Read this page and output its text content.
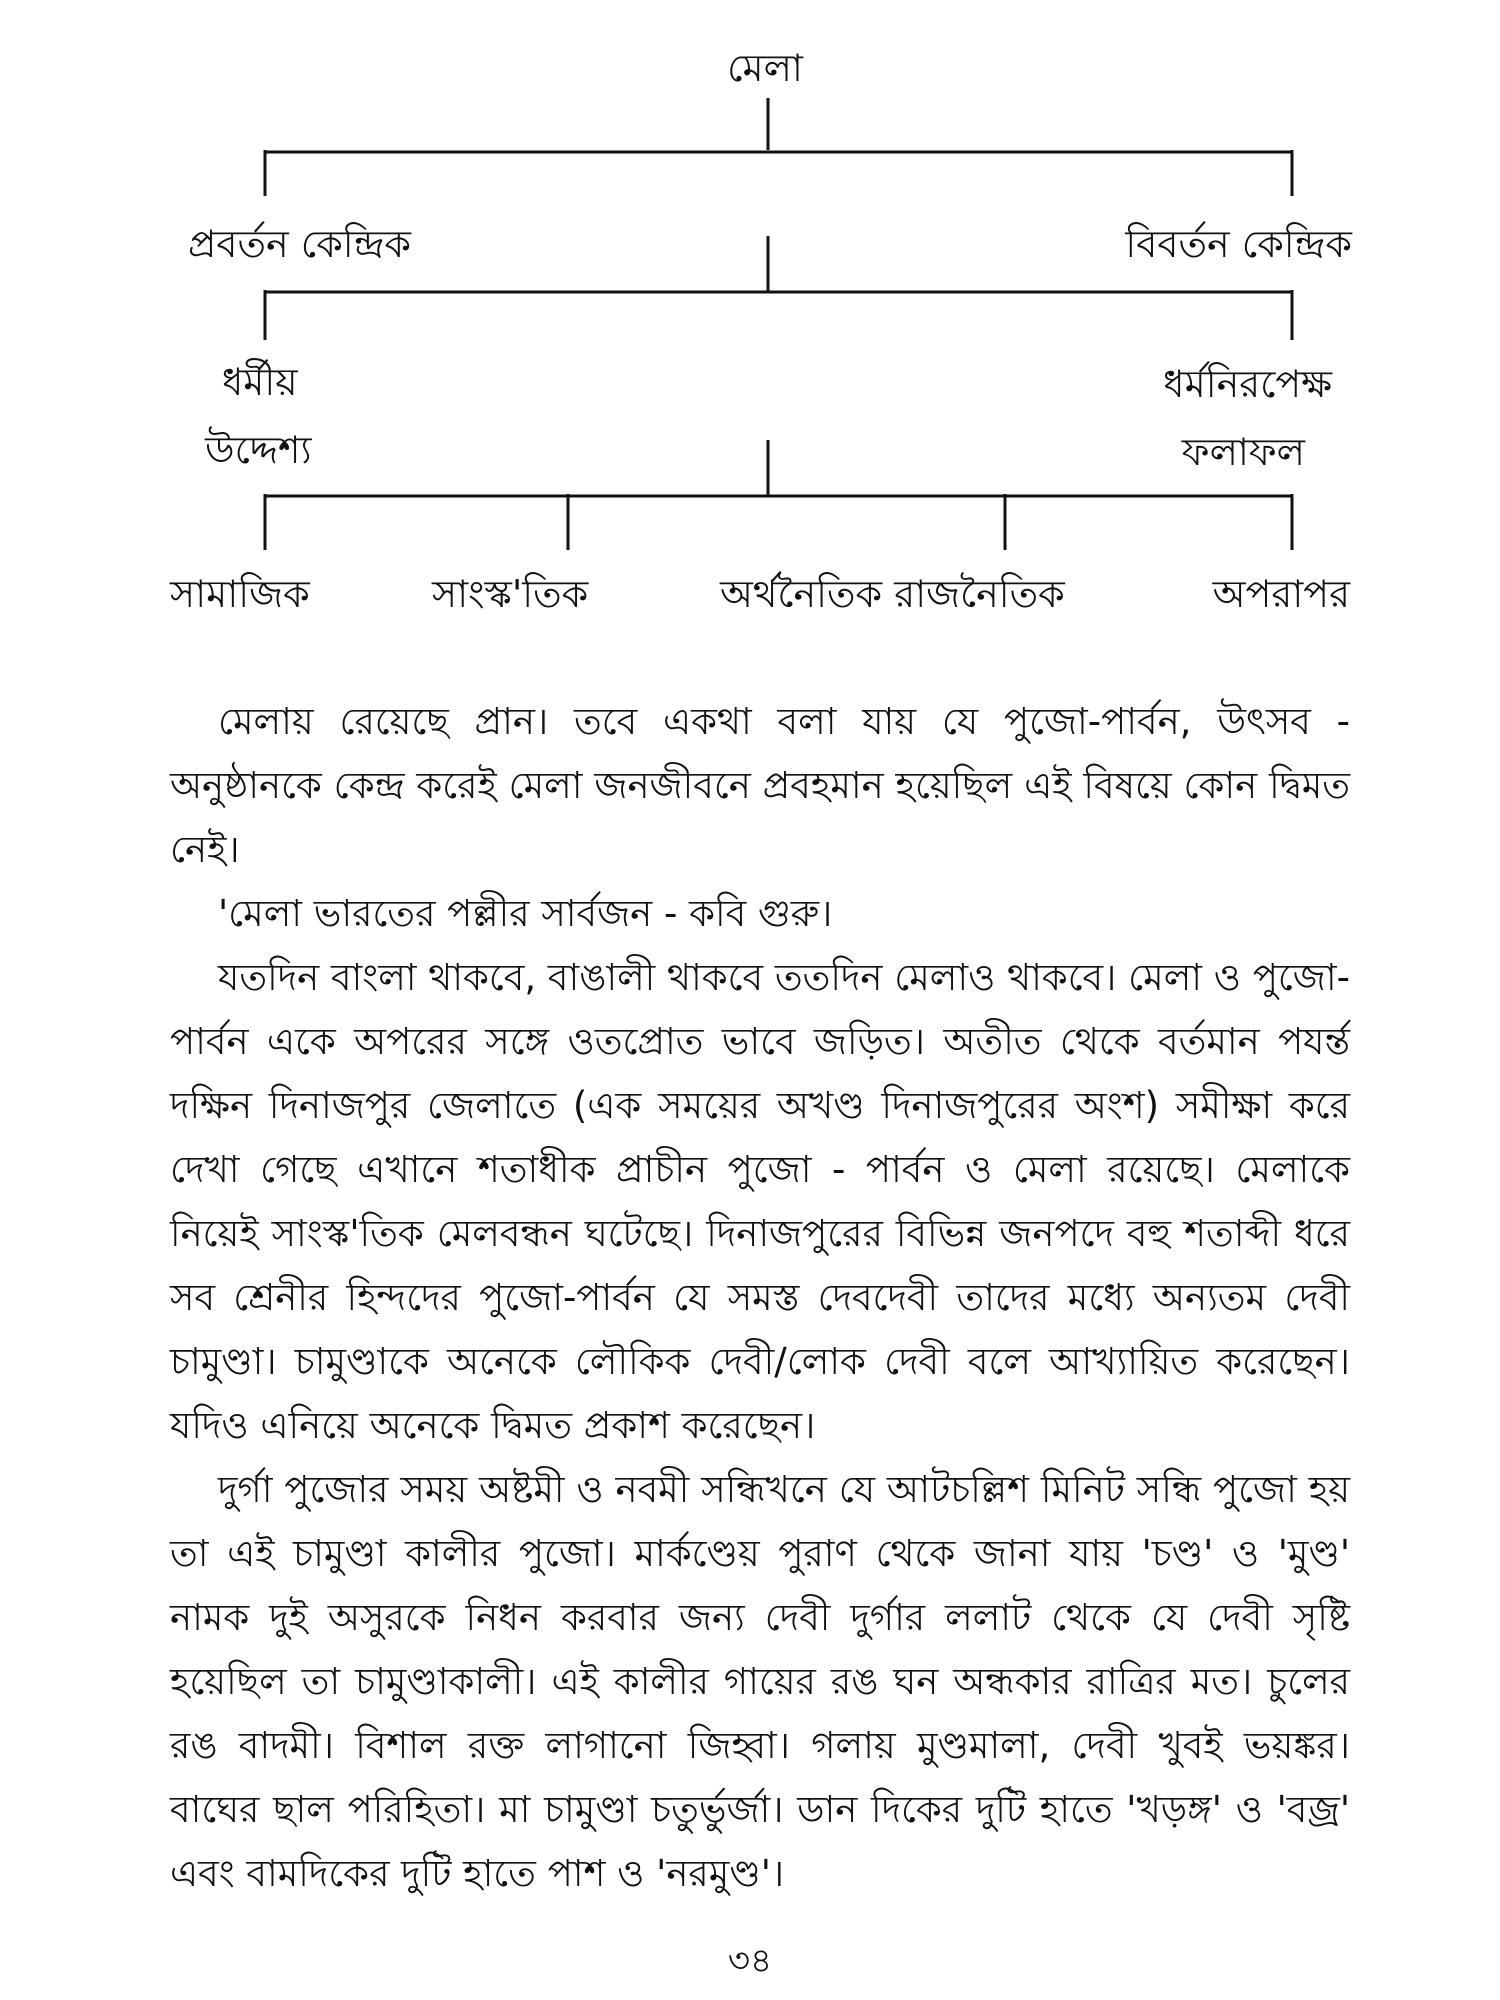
মেলা
প্রবর্তন কেন্দ্রিক	বিবর্তন কেন্দ্রিক
ধর্মীয়
উদ্দেশ্য
ধর্মনিরপেক্ষ
ফলাফল
সামাজিক	সাংস্ক'তিক	অর্থনৈতিক রাজনৈতিক	অপরাপর

মেলায় রেয়েছে প্রান। তবে একথা বলা যায় যে পুজো-পার্বন, উৎসব - অনুষ্ঠানকে কেন্দ্র করেই মেলা জনজীবনে প্রবহমান হয়েছিল এই বিষয়ে কোন দ্বিমত নেই।

'মেলা ভারতের পল্লীর সার্বজন - কবি গুরু।

যতদিন বাংলা থাকবে, বাঙালী থাকবে ততদিন মেলাও থাকবে। মেলা ও পুজো-পার্বন একে অপরের সঙ্গে ওতপ্রোত ভাবে জড়িত। অতীত থেকে বর্তমান পযর্ন্ত দক্ষিন দিনাজপুর জেলাতে (এক সময়ের অখণ্ড দিনাজপুরের অংশ) সমীক্ষা করে দেখা গেছে এখানে শতাধীক প্রাচীন পুজো - পার্বন ও মেলা রয়েছে। মেলাকে নিয়েই সাংস্ক'তিক মেলবন্ধন ঘটেছে। দিনাজপুরের বিভিন্ন জনপদে বহু শতাব্দী ধরে সব শ্রেনীর হিন্দদের পুজো-পার্বন যে সমস্ত দেবদেবী তাদের মধ্যে অন্যতম দেবী চামুণ্ডা। চামুণ্ডাকে অনেকে লৌকিক দেবী/লোক দেবী বলে আখ্যায়িত করেছেন। যদিও এনিয়ে অনেকে দ্বিমত প্রকাশ করেছেন।

দুর্গা পুজোর সময় অষ্টমী ও নবমী সন্ধিখনে যে আটচল্লিশ মিনিট সন্ধি পুজো হয় তা এই চামুণ্ডা কালীর পুজো। মার্কণ্ডেয় পুরাণ থেকে জানা যায় 'চণ্ড' ও 'মুণ্ড' নামক দুই অসুরকে নিধন করবার জন্য দেবী দুর্গার ললাট থেকে যে দেবী সৃষ্টি হয়েছিল তা চামুণ্ডাকালী। এই কালীর গায়ের রঙ ঘন অন্ধকার রাত্রির মত। চুলের রঙ বাদমী। বিশাল রক্ত লাগানো জিহ্বা। গলায় মুণ্ডমালা, দেবী খুবই ভয়ঙ্কর। বাঘের ছাল পরিহিতা। মা চামুণ্ডা চতুর্ভুর্জা। ডান দিকের দুটি হাতে 'খড়ঙ্গ' ও 'বজ্র' এবং বামদিকের দুটি হাতে পাশ ও 'নরমুণ্ড'।

৩৪
